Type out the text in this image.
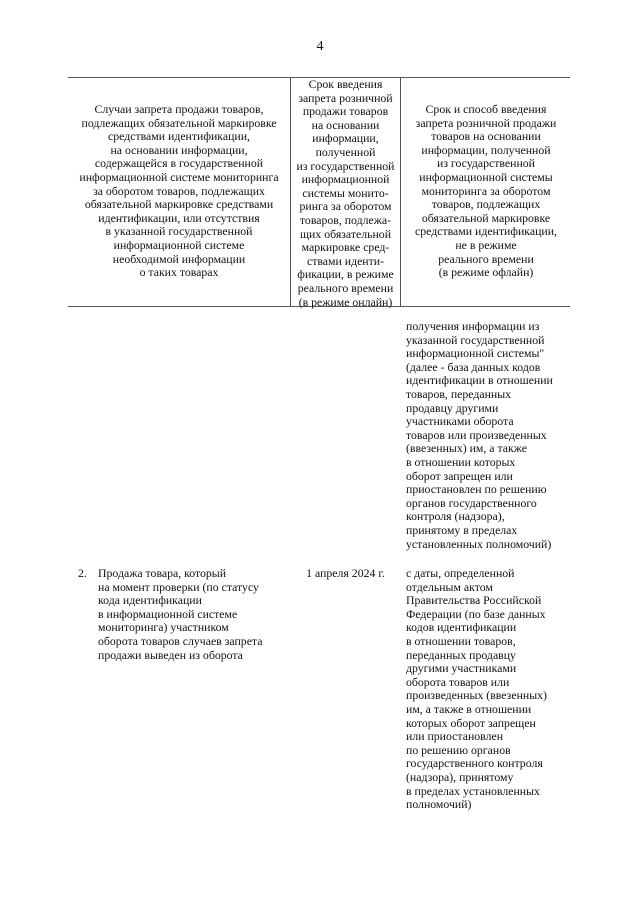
4
Случаи запрета продажи товаров,
подлежащих обязательной маркировке
средствами идентификации,
на основании информации,
содержащейся в государственной
информационной системе мониторинга
за оборотом товаров, подлежащих
обязательной маркировке средствами
идентификации, или отсутствия
в указанной государственной
информационной системе
необходимой информации
о таких товарах
Срок введения
запрета розничной
продажи товаров
на основании
информации,
полученной
из государственной
информационной
системы монито-
ринга за оборотом
товаров, подлежа-
щих обязательной
маркировке сред-
ствами иденти-
фикации, в режиме
реального времени
(в режиме онлайн)
Срок и способ введения
запрета розничной продажи
товаров на основании
информации, полученной
из государственной
информационной системы
мониторинга за оборотом
товаров, подлежащих
обязательной маркировке
средствами идентификации,
не в режиме
реального времени
(в режиме офлайн)
получения информации из
указанной государственной
информационной системы"
(далее - база данных кодов
идентификации в отношении
товаров, переданных
продавцу другими
участниками оборота
товаров или произведенных
(ввезенных) им, а также
в отношении которых
оборот запрещен или
приостановлен по решению
органов государственного
контроля (надзора),
принятому в пределах
установленных полномочий)
2. Продажа товара, который
на момент проверки (по статусу
кода идентификации
в информационной системе
мониторинга) участником
оборота товаров случаев запрета
продажи выведен из оборота
1 апреля 2024 г.	с даты, определенной
отдельным актом
Правительства Российской
Федерации (по базе данных
кодов идентификации
в отношении товаров,
переданных продавцу
другими участниками
оборота товаров или
произведенных (ввезенных)
им, а также в отношении
которых оборот запрещен
или приостановлен
по решению органов
государственного контроля
(надзора), принятому
в пределах установленных
полномочий)
